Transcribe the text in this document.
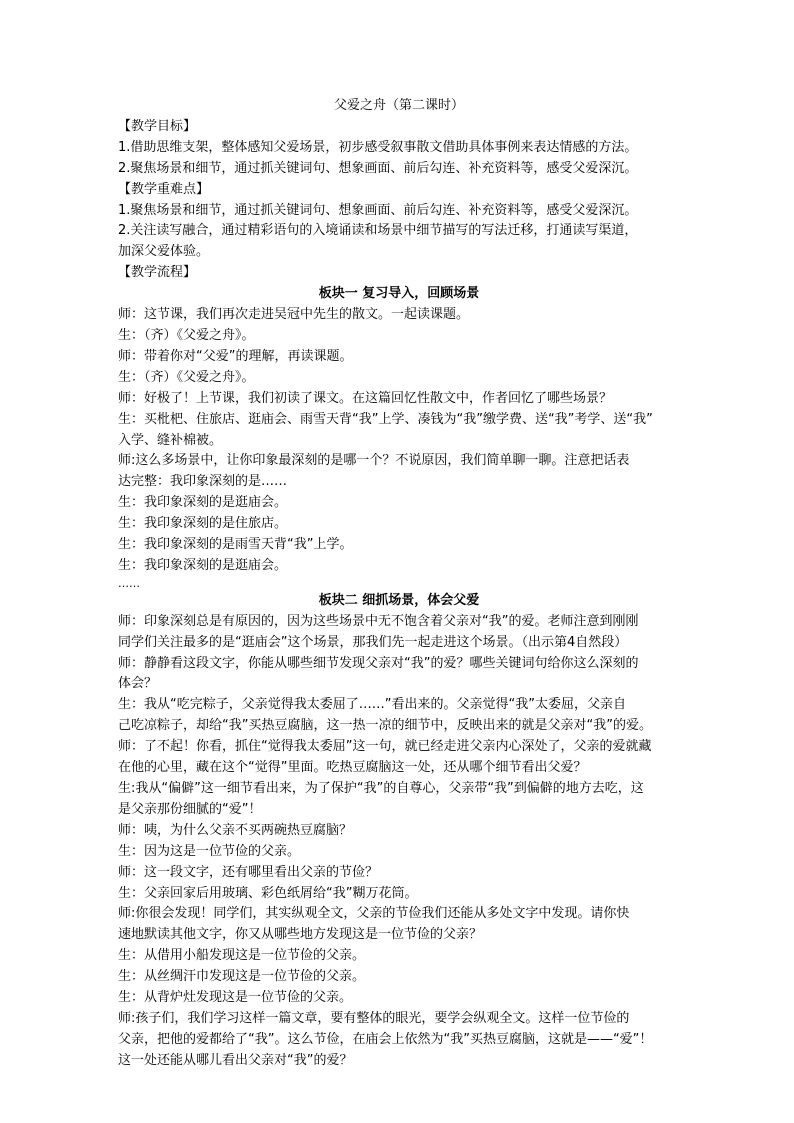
父爱之舟（第二课时）
【教学目标】
1.借助思维支架，整体感知父爱场景，初步感受叙事散文借助具体事例来表达情感的方法。
2.聚焦场景和细节，通过抓关键词句、想象画面、前后勾连、补充资料等，感受父爱深沉。
【教学重难点】
1.聚焦场景和细节，通过抓关键词句、想象画面、前后勾连、补充资料等，感受父爱深沉。
2.关注读写融合，通过精彩语句的入境诵读和场景中细节描写的写法迁移，打通读写渠道，
加深父爱体验。
【教学流程】
板块一 复习导入，回顾场景
师：这节课，我们再次走进吴冠中先生的散文。一起读课题。
生：（齐）《父爱之舟》。
师：带着你对“父爱”的理解，再读课题。
生：（齐）《父爱之舟》。
师：好极了！上节课，我们初读了课文。在这篇回忆性散文中，作者回忆了哪些场景？
生：买枇杷、住旅店、逛庙会、雨雪天背“我”上学、凑钱为“我”缴学费、送“我”考学、送“我”
入学、缝补棉被。
师:这么多场景中，让你印象最深刻的是哪一个？不说原因，我们简单聊一聊。注意把话表
达完整：我印象深刻的是……
生：我印象深刻的是逛庙会。
生：我印象深刻的是住旅店。
生：我印象深刻的是雨雪天背“我”上学。
生：我印象深刻的是逛庙会。
……
板块二 细抓场景，体会父爱
师：印象深刻总是有原因的，因为这些场景中无不饱含着父亲对“我”的爱。老师注意到刚刚
同学们关注最多的是“逛庙会”这个场景，那我们先一起走进这个场景。（出示第4自然段）
师：静静看这段文字，你能从哪些细节发现父亲对“我”的爱？哪些关键词句给你这么深刻的
体会？
生：我从“吃完粽子，父亲觉得我太委屈了……”看出来的。父亲觉得“我”太委屈，父亲自
己吃凉粽子，却给“我”买热豆腐脑，这一热一凉的细节中，反映出来的就是父亲对“我”的爱。
师：了不起！你看，抓住“觉得我太委屈”这一句，就已经走进父亲内心深处了，父亲的爱就藏
在他的心里，藏在这个“觉得”里面。吃热豆腐脑这一处，还从哪个细节看出父爱？
生:我从“偏僻”这一细节看出来，为了保护“我”的自尊心，父亲带“我”到偏僻的地方去吃，这
是父亲那份细腻的“爱”！
师：咦，为什么父亲不买两碗热豆腐脑？
生：因为这是一位节俭的父亲。
师：这一段文字，还有哪里看出父亲的节俭？
生：父亲回家后用玻璃、彩色纸屑给“我”糊万花筒。
师:你很会发现！同学们，其实纵观全文，父亲的节俭我们还能从多处文字中发现。请你快
速地默读其他文字，你又从哪些地方发现这是一位节俭的父亲？
生：从借用小船发现这是一位节俭的父亲。
生：从丝绸汗巾发现这是一位节俭的父亲。
生：从背炉灶发现这是一位节俭的父亲。
师:孩子们，我们学习这样一篇文章，要有整体的眼光，要学会纵观全文。这样一位节俭的
父亲，把他的爱都给了“我”。这么节俭，在庙会上依然为“我”买热豆腐脑，这就是——“爱”！
这一处还能从哪儿看出父亲对“我”的爱？
